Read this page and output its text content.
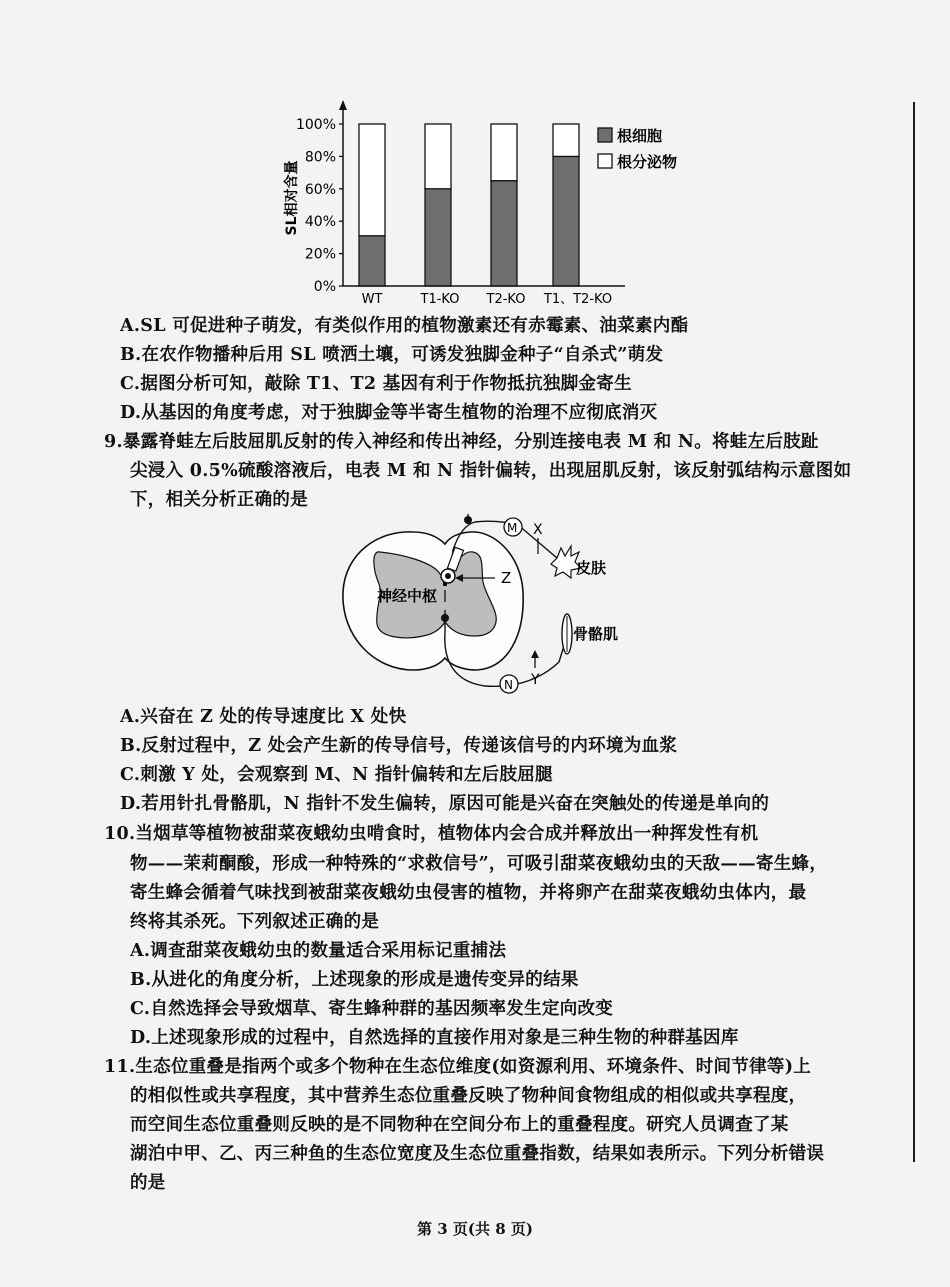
SL相对含量
0%
20%
40%
60%
80%
100%
WT	T1-KO T2-KO T1、T2-KO
根细胞
根分泌物
A.SL 可促进种子萌发，有类似作用的植物激素还有赤霉素、油菜素内酯
B.在农作物播种后用 SL 喷洒土壤，可诱发独脚金种子“自杀式”萌发
C.据图分析可知，敲除 T1、T2 基因有利于作物抵抗独脚金寄生
D.从基因的角度考虑，对于独脚金等半寄生植物的治理不应彻底消灭
9.暴露脊蛙左后肢屈肌反射的传入神经和传出神经，分别连接电表 M 和 N。将蛙左后肢趾
尖浸入 0.5%硫酸溶液后，电表 M 和 N 指针偏转，出现屈肌反射，该反射弧结构示意图如
下，相关分析正确的是
神经中枢
Z
M X
皮肤
骨骼肌
Y
N
A.兴奋在 Z 处的传导速度比 X 处快
B.反射过程中，Z 处会产生新的传导信号，传递该信号的内环境为血浆
C.刺激 Y 处，会观察到 M、N 指针偏转和左后肢屈腿
D.若用针扎骨骼肌，N 指针不发生偏转，原因可能是兴奋在突触处的传递是单向的
10.当烟草等植物被甜菜夜蛾幼虫啃食时，植物体内会合成并释放出一种挥发性有机
物——茉莉酮酸，形成一种特殊的“求救信号”，可吸引甜菜夜蛾幼虫的天敌——寄生蜂，
寄生蜂会循着气味找到被甜菜夜蛾幼虫侵害的植物，并将卵产在甜菜夜蛾幼虫体内，最
终将其杀死。下列叙述正确的是
A.调查甜菜夜蛾幼虫的数量适合采用标记重捕法
B.从进化的角度分析，上述现象的形成是遗传变异的结果
C.自然选择会导致烟草、寄生蜂种群的基因频率发生定向改变
D.上述现象形成的过程中，自然选择的直接作用对象是三种生物的种群基因库
11.生态位重叠是指两个或多个物种在生态位维度(如资源利用、环境条件、时间节律等)上
的相似性或共享程度，其中营养生态位重叠反映了物种间食物组成的相似或共享程度，
而空间生态位重叠则反映的是不同物种在空间分布上的重叠程度。研究人员调查了某
湖泊中甲、乙、丙三种鱼的生态位宽度及生态位重叠指数，结果如表所示。下列分析错误
的是
第 3 页(共 8 页)
